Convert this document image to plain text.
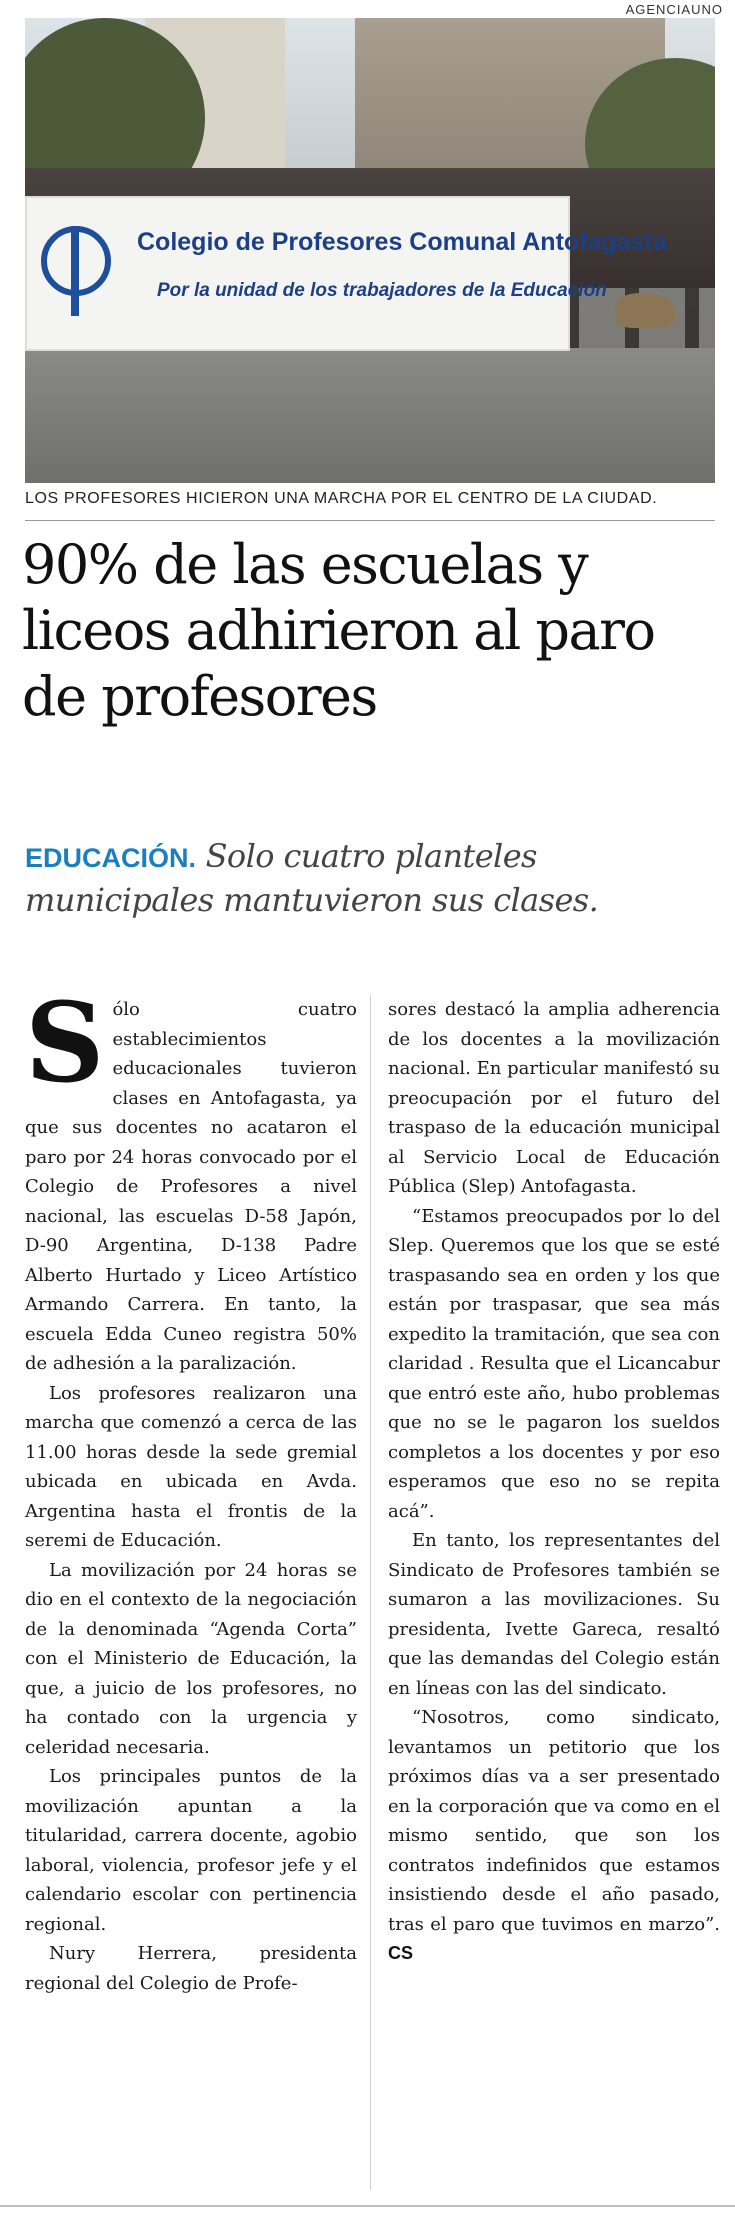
AGENCIAUNO
Colegio de Profesores Comunal Antofagasta
Por la unidad de los trabajadores de la Educación
LOS PROFESORES HICIERON UNA MARCHA POR EL CENTRO DE LA CIUDAD.
90% de las escuelas y liceos adhirieron al paro de profesores
EDUCACIÓN. Solo cuatro planteles municipales mantuvieron sus clases.

Sólo cuatro establecimientos educacionales tuvieron clases en Antofagasta, ya que sus docentes no acataron el paro por 24 horas convocado por el Colegio de Profesores a nivel nacional, las escuelas D-58 Japón, D-90 Argentina, D-138 Padre Alberto Hurtado y Liceo Artístico Armando Carrera. En tanto, la escuela Edda Cuneo registra 50% de adhesión a la paralización.

Los profesores realizaron una marcha que comenzó a cerca de las 11.00 horas desde la sede gremial ubicada en ubicada en Avda. Argentina hasta el frontis de la seremi de Educación.

La movilización por 24 horas se dio en el contexto de la negociación de la denominada “Agenda Corta” con el Ministerio de Educación, la que, a juicio de los profesores, no ha contado con la urgencia y celeridad necesaria.

Los principales puntos de la movilización apuntan a la titularidad, carrera docente, agobio laboral, violencia, profesor jefe y el calendario escolar con pertinencia regional.

Nury Herrera, presidenta regional del Colegio de Profe-

sores destacó la amplia adherencia de los docentes a la movilización nacional. En particular manifestó su preocupación por el futuro del traspaso de la educación municipal al Servicio Local de Educación Pública (Slep) Antofagasta.

“Estamos preocupados por lo del Slep. Queremos que los que se esté traspasando sea en orden y los que están por traspasar, que sea más expedito la tramitación, que sea con claridad . Resulta que el Licancabur que entró este año, hubo problemas que no se le pagaron los sueldos completos a los docentes y por eso esperamos que eso no se repita acá”.

En tanto, los representantes del Sindicato de Profesores también se sumaron a las movilizaciones. Su presidenta, Ivette Gareca, resaltó que las demandas del Colegio están en líneas con las del sindicato.

“Nosotros, como sindicato, levantamos un petitorio que los próximos días va a ser presentado en la corporación que va como en el mismo sentido, que son los contratos indefinidos que estamos insistiendo desde el año pasado, tras el paro que tuvimos en marzo”. CS
